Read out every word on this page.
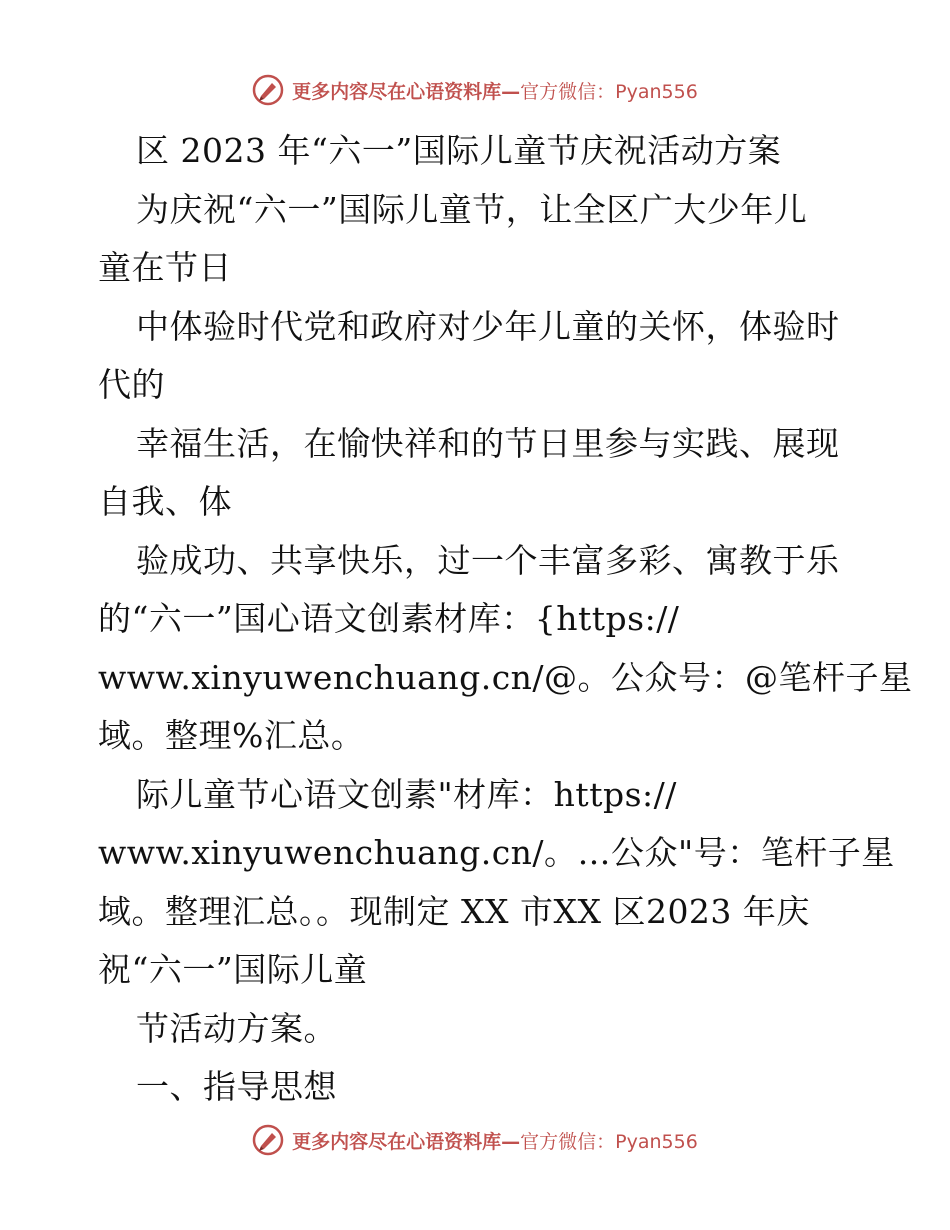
更多内容尽在心语资料库—官方微信：Pyan556
区 2023 年“六一”国际儿童节庆祝活动方案
为庆祝“六一”国际儿童节，让全区广大少年儿
童在节日
中体验时代党和政府对少年儿童的关怀，体验时
代的
幸福生活，在愉快祥和的节日里参与实践、展现
自我、体
验成功、共享快乐，过一个丰富多彩、寓教于乐
的“六一”国心语文创素材库：{https://
www.xinyuwenchuang.cn/@。公众号：@笔杆子星
域。整理%汇总。
际儿童节心语文创素"材库：https://
www.xinyuwenchuang.cn/。…公众"号：笔杆子星
域。整理汇总。。现制定 XX 市XX 区2023 年庆
祝“六一”国际儿童
节活动方案。
一、指导思想
更多内容尽在心语资料库—官方微信：Pyan556
